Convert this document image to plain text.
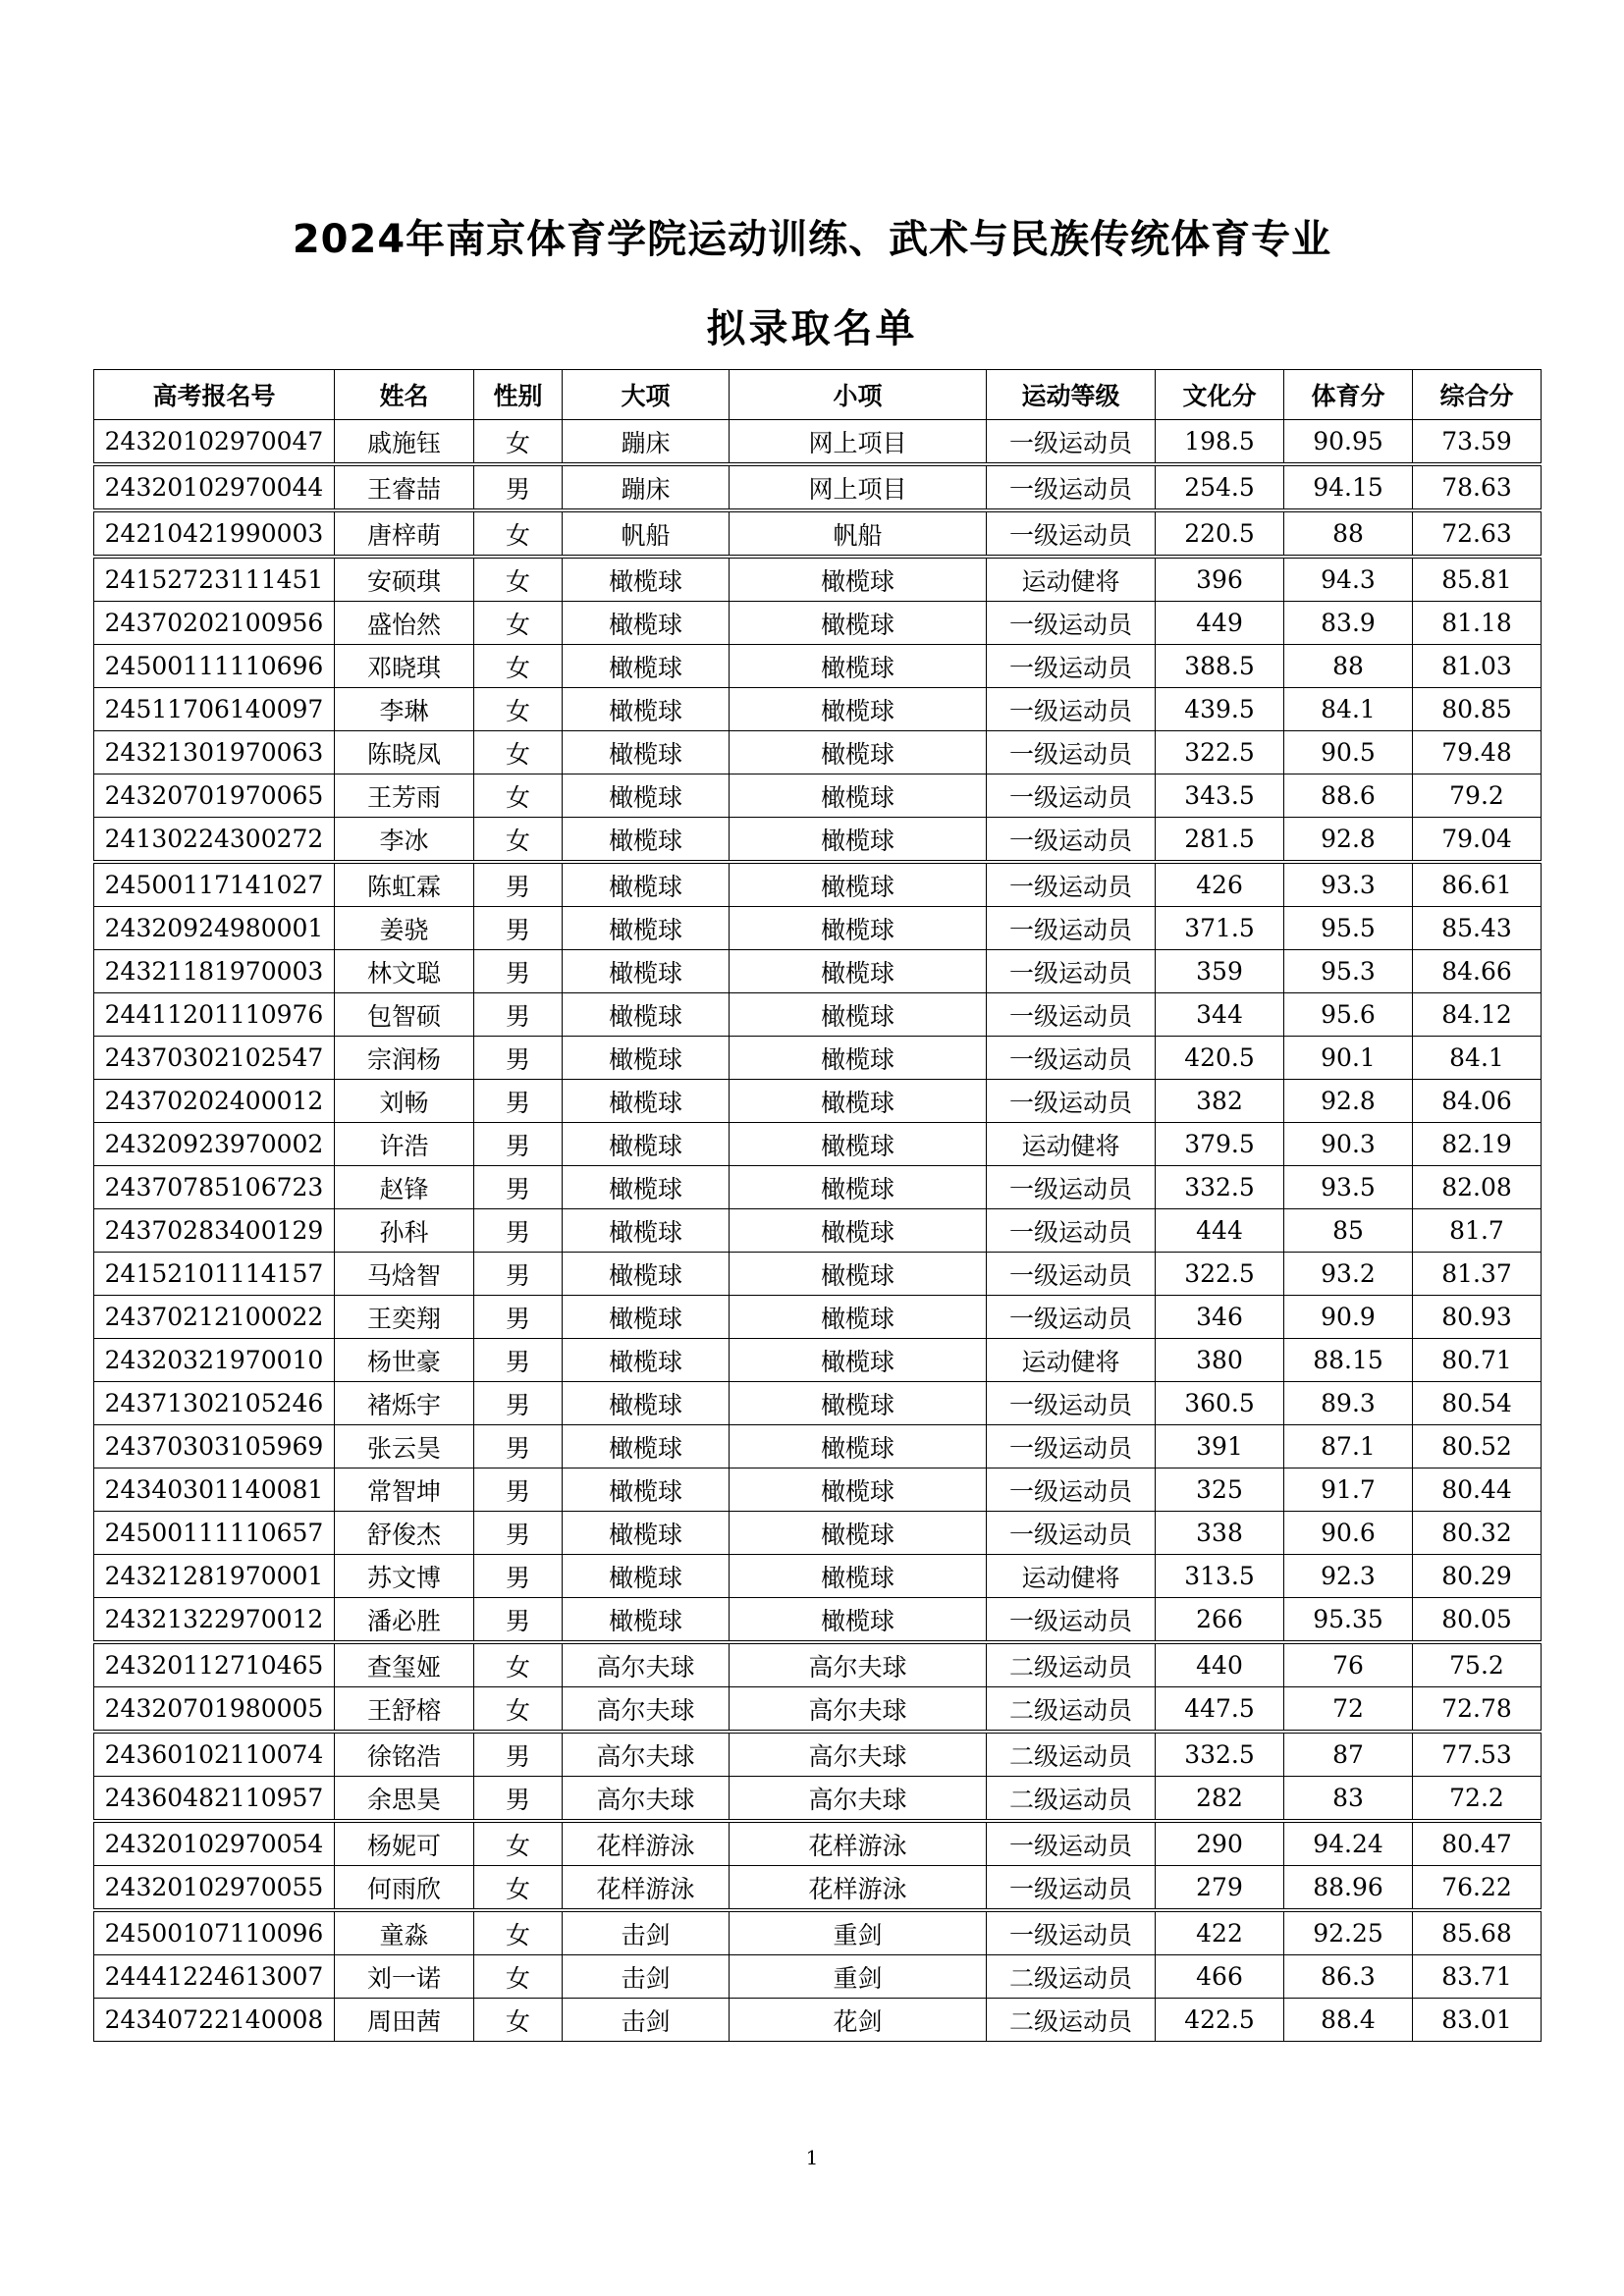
2024年南京体育学院运动训练、武术与民族传统体育专业
拟录取名单
高考报名号	姓名	性别	大项	小项	运动等级	文化分	体育分	综合分
24320102970047	戚施钰	女	蹦床	网上项目	一级运动员	198.5	90.95	73.59
24320102970044	王睿喆	男	蹦床	网上项目	一级运动员	254.5	94.15	78.63
24210421990003	唐梓萌	女	帆船	帆船	一级运动员	220.5	88	72.63
24152723111451	安硕琪	女	橄榄球	橄榄球	运动健将	396	94.3	85.81
24370202100956	盛怡然	女	橄榄球	橄榄球	一级运动员	449	83.9	81.18
24500111110696	邓晓琪	女	橄榄球	橄榄球	一级运动员	388.5	88	81.03
24511706140097	李琳	女	橄榄球	橄榄球	一级运动员	439.5	84.1	80.85
24321301970063	陈晓凤	女	橄榄球	橄榄球	一级运动员	322.5	90.5	79.48
24320701970065	王芳雨	女	橄榄球	橄榄球	一级运动员	343.5	88.6	79.2
24130224300272	李冰	女	橄榄球	橄榄球	一级运动员	281.5	92.8	79.04
24500117141027	陈虹霖	男	橄榄球	橄榄球	一级运动员	426	93.3	86.61
24320924980001	姜骁	男	橄榄球	橄榄球	一级运动员	371.5	95.5	85.43
24321181970003	林文聪	男	橄榄球	橄榄球	一级运动员	359	95.3	84.66
24411201110976	包智硕	男	橄榄球	橄榄球	一级运动员	344	95.6	84.12
24370302102547	宗润杨	男	橄榄球	橄榄球	一级运动员	420.5	90.1	84.1
24370202400012	刘畅	男	橄榄球	橄榄球	一级运动员	382	92.8	84.06
24320923970002	许浩	男	橄榄球	橄榄球	运动健将	379.5	90.3	82.19
24370785106723	赵锋	男	橄榄球	橄榄球	一级运动员	332.5	93.5	82.08
24370283400129	孙科	男	橄榄球	橄榄球	一级运动员	444	85	81.7
24152101114157	马焓智	男	橄榄球	橄榄球	一级运动员	322.5	93.2	81.37
24370212100022	王奕翔	男	橄榄球	橄榄球	一级运动员	346	90.9	80.93
24320321970010	杨世豪	男	橄榄球	橄榄球	运动健将	380	88.15	80.71
24371302105246	褚烁宇	男	橄榄球	橄榄球	一级运动员	360.5	89.3	80.54
24370303105969	张云昊	男	橄榄球	橄榄球	一级运动员	391	87.1	80.52
24340301140081	常智坤	男	橄榄球	橄榄球	一级运动员	325	91.7	80.44
24500111110657	舒俊杰	男	橄榄球	橄榄球	一级运动员	338	90.6	80.32
24321281970001	苏文博	男	橄榄球	橄榄球	运动健将	313.5	92.3	80.29
24321322970012	潘必胜	男	橄榄球	橄榄球	一级运动员	266	95.35	80.05
24320112710465	查玺娅	女	高尔夫球	高尔夫球	二级运动员	440	76	75.2
24320701980005	王舒榕	女	高尔夫球	高尔夫球	二级运动员	447.5	72	72.78
24360102110074	徐铭浩	男	高尔夫球	高尔夫球	二级运动员	332.5	87	77.53
24360482110957	余思昊	男	高尔夫球	高尔夫球	二级运动员	282	83	72.2
24320102970054	杨妮可	女	花样游泳	花样游泳	一级运动员	290	94.24	80.47
24320102970055	何雨欣	女	花样游泳	花样游泳	一级运动员	279	88.96	76.22
24500107110096	童淼	女	击剑	重剑	一级运动员	422	92.25	85.68
24441224613007	刘一诺	女	击剑	重剑	二级运动员	466	86.3	83.71
24340722140008	周田茜	女	击剑	花剑	二级运动员	422.5	88.4	83.01
1
